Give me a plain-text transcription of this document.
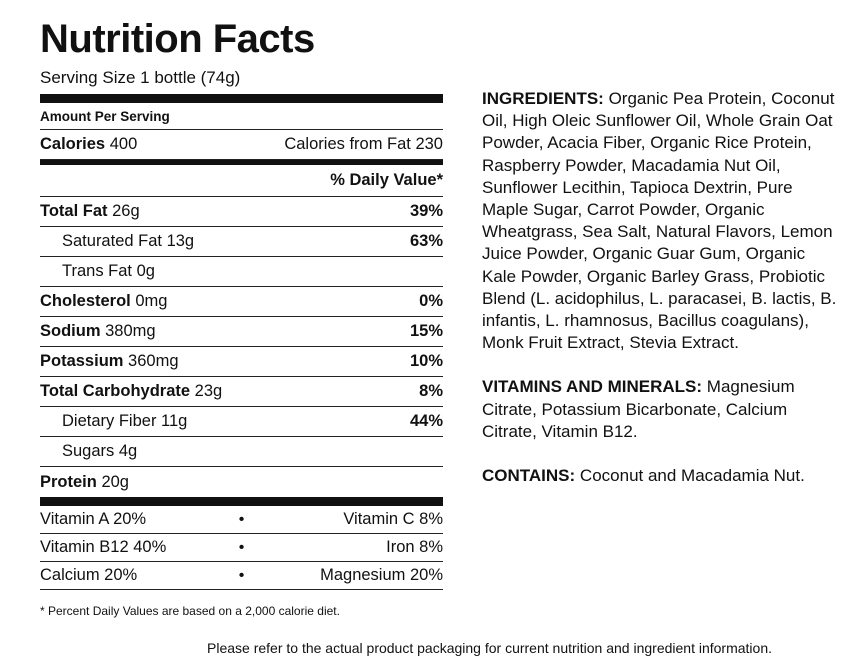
Nutrition Facts
Serving Size 1 bottle (74g)
Amount Per Serving
Calories 400	Calories from Fat 230
% Daily Value*
Total Fat 26g	39%
Saturated Fat 13g	63%
Trans Fat 0g
Cholesterol 0mg	0%
Sodium 380mg	15%
Potassium 360mg	10%
Total Carbohydrate 23g	8%
Dietary Fiber 11g	44%
Sugars 4g
Protein 20g
Vitamin A 20%	•	Vitamin C 8%
Vitamin B12 40%	•	Iron 8%
Calcium 20%	•	Magnesium 20%
* Percent Daily Values are based on a 2,000 calorie diet.

INGREDIENTS: Organic Pea Protein, Coconut Oil, High Oleic Sunflower Oil, Whole Grain Oat Powder, Acacia Fiber, Organic Rice Protein, Raspberry Powder, Macadamia Nut Oil, Sunflower Lecithin, Tapioca Dextrin, Pure Maple Sugar, Carrot Powder, Organic Wheatgrass, Sea Salt, Natural Flavors, Lemon Juice Powder, Organic Guar Gum, Organic Kale Powder, Organic Barley Grass, Probiotic Blend (L. acidophilus, L. paracasei, B. lactis, B. infantis, L. rhamnosus, Bacillus coagulans), Monk Fruit Extract, Stevia Extract.

VITAMINS AND MINERALS: Magnesium Citrate, Potassium Bicarbonate, Calcium Citrate, Vitamin B12.

CONTAINS: Coconut and Macadamia Nut.

Please refer to the actual product packaging for current nutrition and ingredient information.
